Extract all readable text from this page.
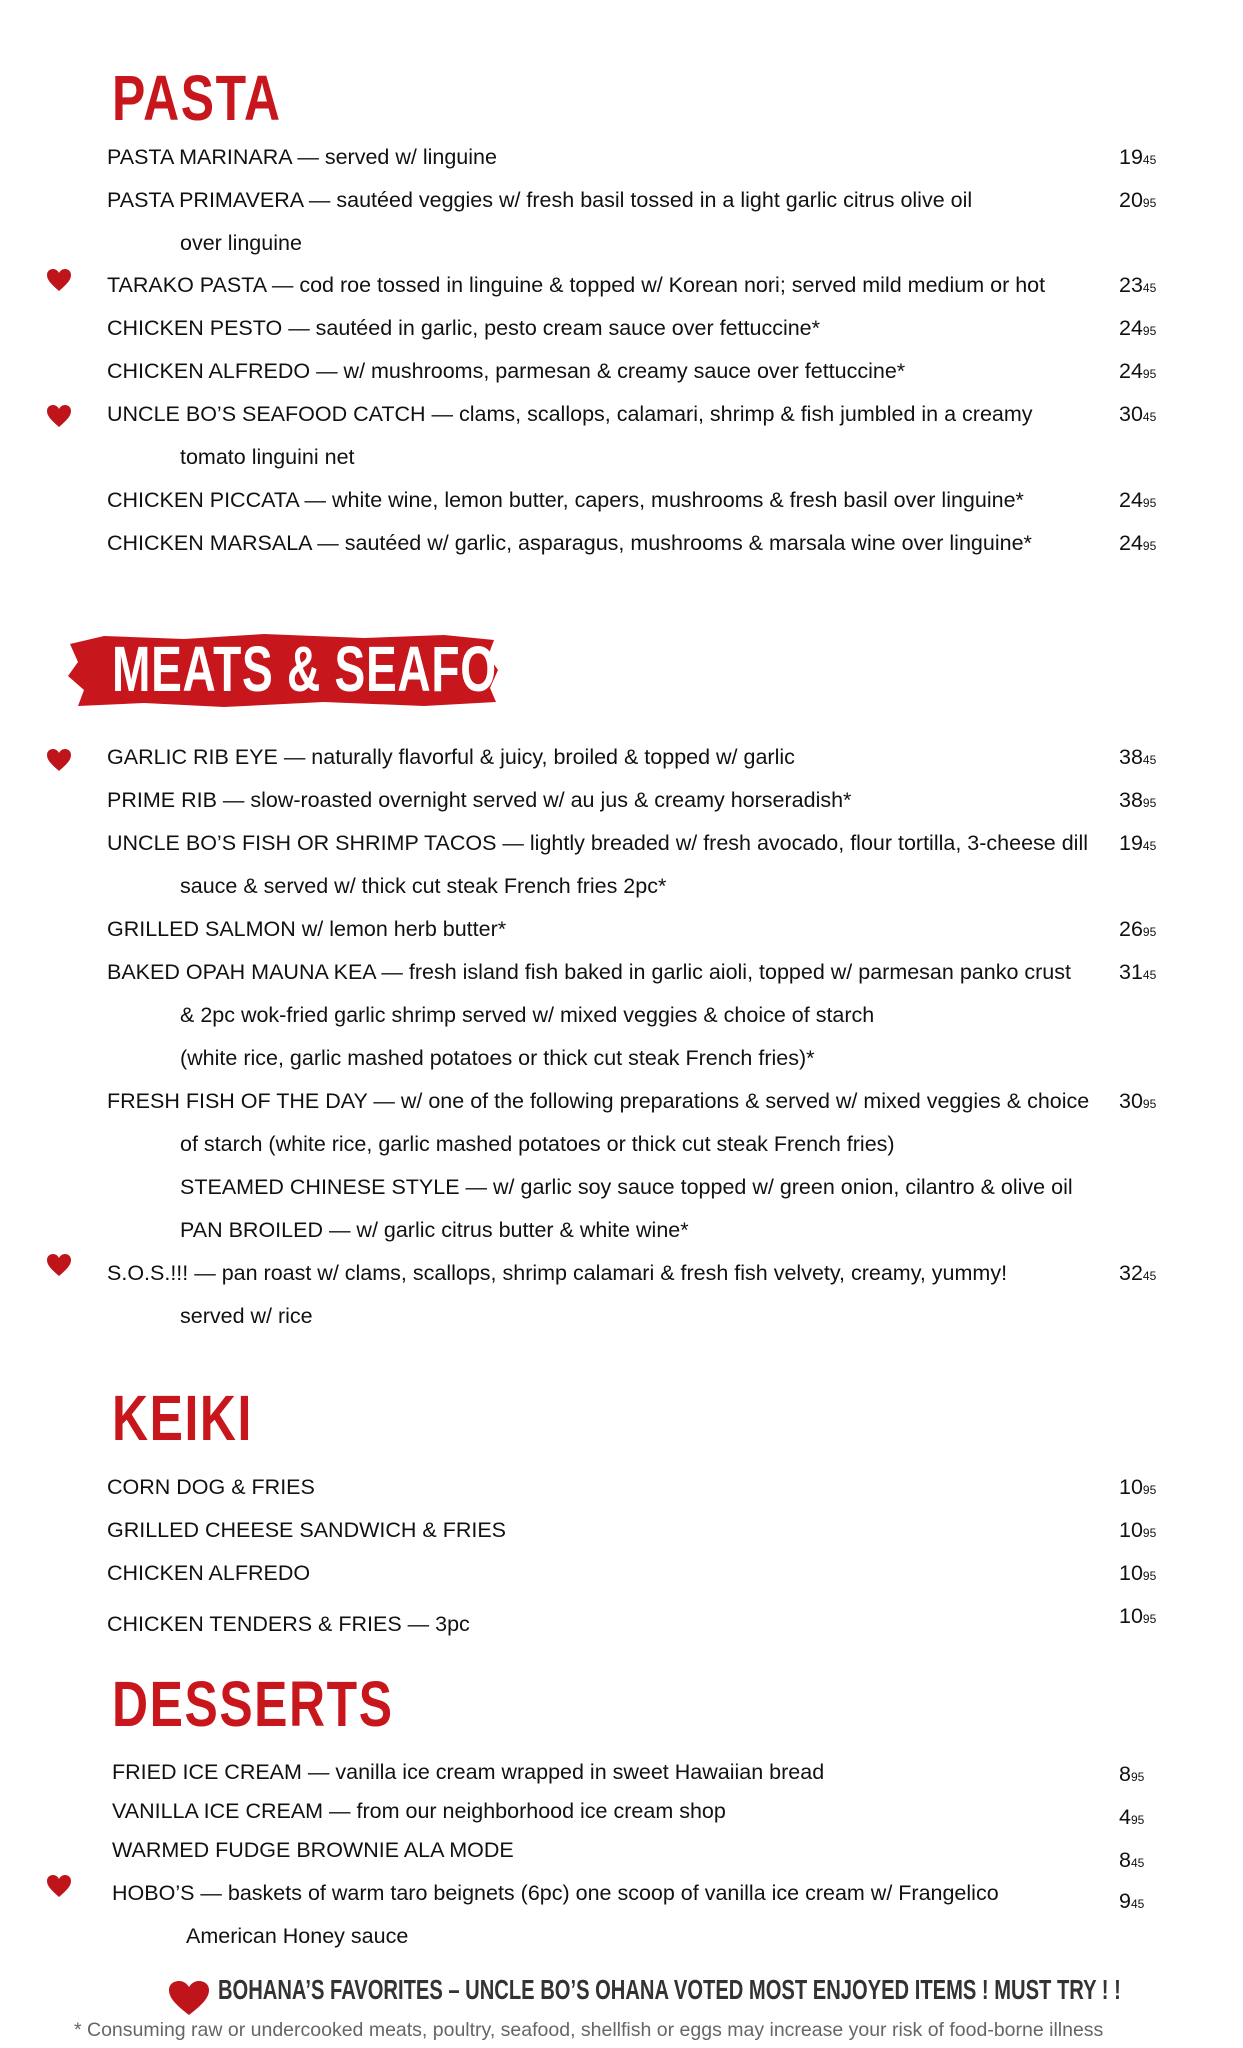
PASTA
MEATS & SEAFOOD
KEIKI
DESSERTS
PASTA MARINARA — served w/ linguine	1945
PASTA PRIMAVERA — sautéed veggies w/ fresh basil tossed in a light garlic citrus olive oil	2095
over linguine
TARAKO PASTA — cod roe tossed in linguine & topped w/ Korean nori; served mild medium or hot	2345
CHICKEN PESTO — sautéed in garlic, pesto cream sauce over fettuccine*	2495
CHICKEN ALFREDO — w/ mushrooms, parmesan & creamy sauce over fettuccine*	2495
UNCLE BO’S SEAFOOD CATCH — clams, scallops, calamari, shrimp & fish jumbled in a creamy	3045
tomato linguini net
CHICKEN PICCATA — white wine, lemon butter, capers, mushrooms & fresh basil over linguine*	2495
CHICKEN MARSALA — sautéed w/ garlic, asparagus, mushrooms & marsala wine over linguine*	2495
GARLIC RIB EYE — naturally flavorful & juicy, broiled & topped w/ garlic	3845
PRIME RIB — slow-roasted overnight served w/ au jus & creamy horseradish*	3895
UNCLE BO’S FISH OR SHRIMP TACOS — lightly breaded w/ fresh avocado, flour tortilla, 3-cheese dill 1945
sauce & served w/ thick cut steak French fries 2pc*
GRILLED SALMON w/ lemon herb butter*	2695
BAKED OPAH MAUNA KEA — fresh island fish baked in garlic aioli, topped w/ parmesan panko crust 3145
& 2pc wok-fried garlic shrimp served w/ mixed veggies & choice of starch
(white rice, garlic mashed potatoes or thick cut steak French fries)*
FRESH FISH OF THE DAY — w/ one of the following preparations & served w/ mixed veggies & choice 3095
of starch (white rice, garlic mashed potatoes or thick cut steak French fries)
STEAMED CHINESE STYLE — w/ garlic soy sauce topped w/ green onion, cilantro & olive oil
PAN BROILED — w/ garlic citrus butter & white wine*
S.O.S.!!! — pan roast w/ clams, scallops, shrimp calamari & fresh fish velvety, creamy, yummy!	3245
served w/ rice
CORN DOG & FRIES	1095
GRILLED CHEESE SANDWICH & FRIES	1095
CHICKEN ALFREDO	1095
CHICKEN TENDERS & FRIES — 3pc	1095
FRIED ICE CREAM — vanilla ice cream wrapped in sweet Hawaiian bread	895
VANILLA ICE CREAM — from our neighborhood ice cream shop	495
WARMED FUDGE BROWNIE ALA MODE	845
HOBO’S — baskets of warm taro beignets (6pc) one scoop of vanilla ice cream w/ Frangelico	945
American Honey sauce
BOHANA’S FAVORITES – UNCLE BO’S OHANA VOTED MOST ENJOYED ITEMS ! MUST TRY ! !
* Consuming raw or undercooked meats, poultry, seafood, shellfish or eggs may increase your risk of food-borne illness
